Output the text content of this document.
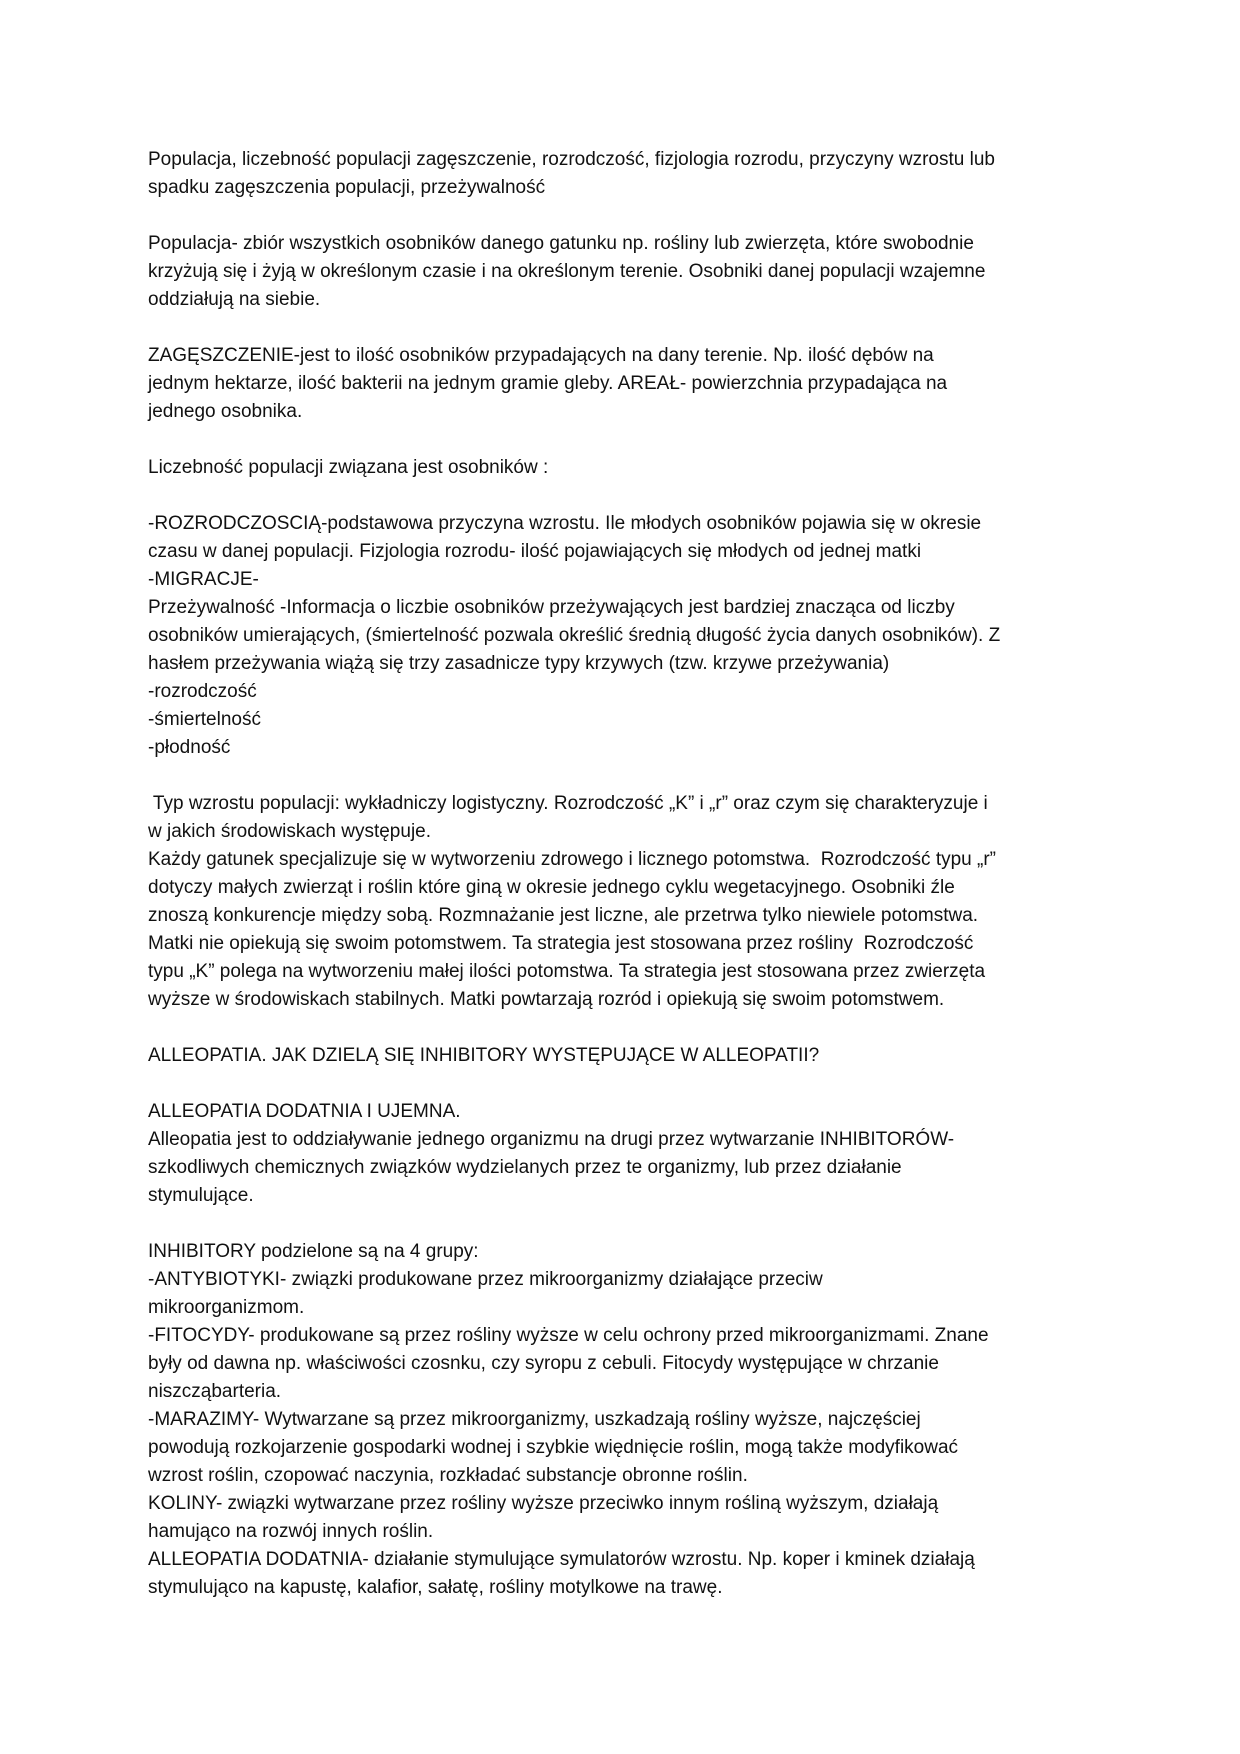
Populacja, liczebność populacji zagęszczenie, rozrodczość, fizjologia rozrodu, przyczyny wzrostu lub
spadku zagęszczenia populacji, przeżywalność
Populacja- zbiór wszystkich osobników danego gatunku np. rośliny lub zwierzęta, które swobodnie
krzyżują się i żyją w określonym czasie i na określonym terenie. Osobniki danej populacji wzajemne
oddziałują na siebie.
ZAGĘSZCZENIE-jest to ilość osobników przypadających na dany terenie. Np. ilość dębów na
jednym hektarze, ilość bakterii na jednym gramie gleby. AREAŁ- powierzchnia przypadająca na
jednego osobnika.
Liczebność populacji związana jest osobników :
-ROZRODCZOSCIĄ-podstawowa przyczyna wzrostu. Ile młodych osobników pojawia się w okresie
czasu w danej populacji. Fizjologia rozrodu- ilość pojawiających się młodych od jednej matki
-MIGRACJE-
Przeżywalność -Informacja o liczbie osobników przeżywających jest bardziej znacząca od liczby
osobników umierających, (śmiertelność pozwala określić średnią długość życia danych osobników). Z
hasłem przeżywania wiążą się trzy zasadnicze typy krzywych (tzw. krzywe przeżywania)
-rozrodczość
-śmiertelność
-płodność
Typ wzrostu populacji: wykładniczy logistyczny. Rozrodczość „K” i „r” oraz czym się charakteryzuje i
w jakich środowiskach występuje.
Każdy gatunek specjalizuje się w wytworzeniu zdrowego i licznego potomstwa.  Rozrodczość typu „r”
dotyczy małych zwierząt i roślin które giną w okresie jednego cyklu wegetacyjnego. Osobniki źle
znoszą konkurencje między sobą. Rozmnażanie jest liczne, ale przetrwa tylko niewiele potomstwa.
Matki nie opiekują się swoim potomstwem. Ta strategia jest stosowana przez rośliny  Rozrodczość
typu „K” polega na wytworzeniu małej ilości potomstwa. Ta strategia jest stosowana przez zwierzęta
wyższe w środowiskach stabilnych. Matki powtarzają rozród i opiekują się swoim potomstwem.
ALLEOPATIA. JAK DZIELĄ SIĘ INHIBITORY WYSTĘPUJĄCE W ALLEOPATII?
ALLEOPATIA DODATNIA I UJEMNA.
Alleopatia jest to oddziaływanie jednego organizmu na drugi przez wytwarzanie INHIBITORÓW-
szkodliwych chemicznych związków wydzielanych przez te organizmy, lub przez działanie
stymulujące.
INHIBITORY podzielone są na 4 grupy:
-ANTYBIOTYKI- związki produkowane przez mikroorganizmy działające przeciw
mikroorganizmom.
-FITOCYDY- produkowane są przez rośliny wyższe w celu ochrony przed mikroorganizmami. Znane
były od dawna np. właściwości czosnku, czy syropu z cebuli. Fitocydy występujące w chrzanie
niszcząbarteria.
-MARAZIMY- Wytwarzane są przez mikroorganizmy, uszkadzają rośliny wyższe, najczęściej
powodują rozkojarzenie gospodarki wodnej i szybkie więdnięcie roślin, mogą także modyfikować
wzrost roślin, czopować naczynia, rozkładać substancje obronne roślin.
KOLINY- związki wytwarzane przez rośliny wyższe przeciwko innym rośliną wyższym, działają
hamująco na rozwój innych roślin.
ALLEOPATIA DODATNIA- działanie stymulujące symulatorów wzrostu. Np. koper i kminek działają
stymulująco na kapustę, kalafior, sałatę, rośliny motylkowe na trawę.
